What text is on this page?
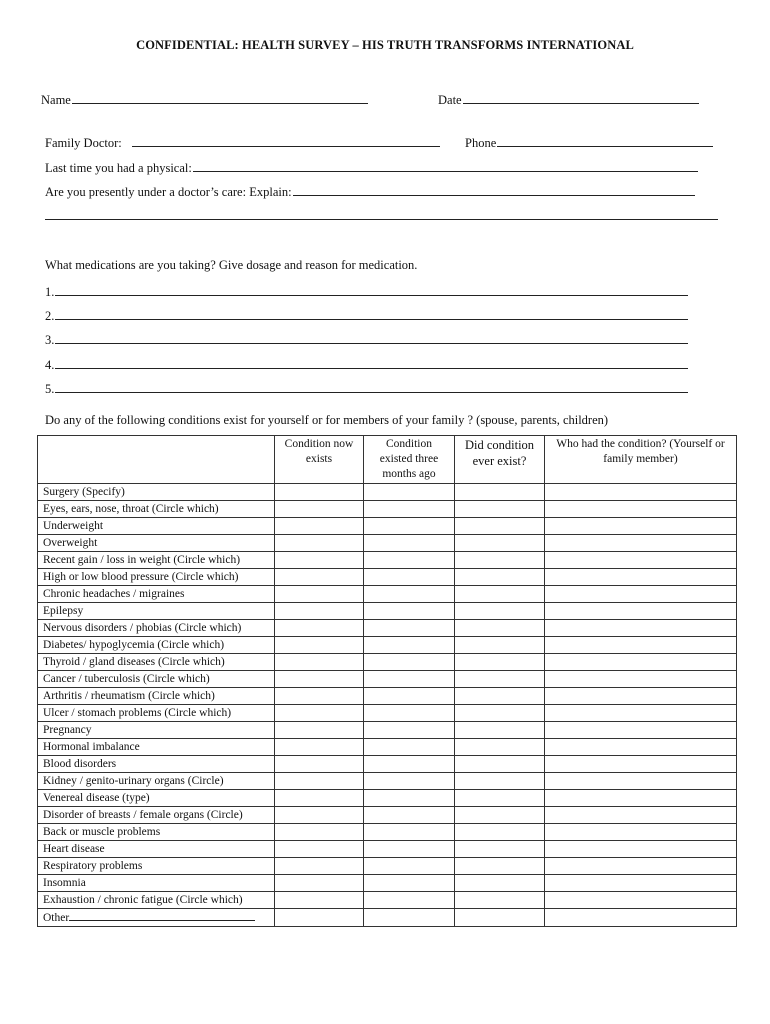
CONFIDENTIAL: HEALTH SURVEY – HIS TRUTH TRANSFORMS INTERNATIONAL
Name	Date
Family Doctor:	Phone
Last time you had a physical:
Are you presently under a doctor’s care: Explain:
What medications are you taking? Give dosage and reason for medication.
1.
2.
3.
4.
5.
Do any of the following conditions exist for yourself or for members of your family ? (spouse, parents, children)
	Condition now exists	Condition existed three months ago	Did condition ever exist?	Who had the condition? (Yourself or family member)
Surgery (Specify)				
Eyes, ears, nose, throat (Circle which)				
Underweight				
Overweight				
Recent gain / loss in weight (Circle which)				
High or low blood pressure (Circle which)				
Chronic headaches / migraines				
Epilepsy				
Nervous disorders / phobias (Circle which)				
Diabetes/ hypoglycemia (Circle which)				
Thyroid / gland diseases (Circle which)				
Cancer / tuberculosis (Circle which)				
Arthritis / rheumatism (Circle which)				
Ulcer / stomach problems (Circle which)				
Pregnancy				
Hormonal imbalance				
Blood disorders				
Kidney / genito-urinary organs (Circle)				
Venereal disease (type)				
Disorder of breasts / female organs (Circle)				
Back or muscle problems				
Heart disease				
Respiratory problems				
Insomnia				
Exhaustion / chronic fatigue (Circle which)				
Other				
